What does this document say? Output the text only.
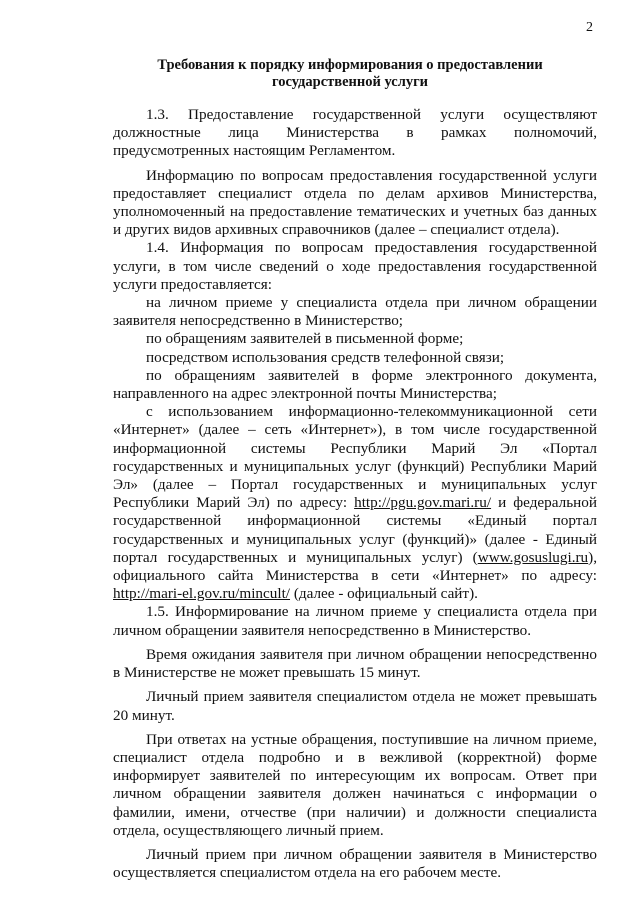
2
Требования к порядку информирования о предоставлении
государственной услуги

1.3. Предоставление государственной услуги осуществляют должностные лица Министерства в рамках полномочий, предусмотренных настоящим Регламентом.

Информацию по вопросам предоставления государственной услуги предоставляет специалист отдела по делам архивов Министерства, уполномоченный на предоставление тематических и учетных баз данных и других видов архивных справочников (далее – специалист отдела).

1.4. Информация по вопросам предоставления государственной услуги, в том числе сведений о ходе предоставления государственной услуги предоставляется:

на личном приеме у специалиста отдела при личном обращении заявителя непосредственно в Министерство;

по обращениям заявителей в письменной форме;

посредством использования средств телефонной связи;

по обращениям заявителей в форме электронного документа, направленного на адрес электронной почты Министерства;

с использованием информационно-телекоммуникационной сети «Интернет» (далее – сеть «Интернет»), в том числе государственной информационной системы Республики Марий Эл «Портал государственных и муниципальных услуг (функций) Республики Марий Эл» (далее – Портал государственных и муниципальных услуг Республики Марий Эл) по адресу: http://pgu.gov.mari.ru/ и федеральной государственной информационной системы «Единый портал государственных и муниципальных услуг (функций)» (далее - Единый портал государственных и муниципальных услуг) (www.gosuslugi.ru), официального сайта Министерства в сети «Интернет» по адресу: http://mari-el.gov.ru/mincult/ (далее - официальный сайт).

1.5. Информирование на личном приеме у специалиста отдела при личном обращении заявителя непосредственно в Министерство.

Время ожидания заявителя при личном обращении непосредственно в Министерстве не может превышать 15 минут.

Личный прием заявителя специалистом отдела не может превышать 20 минут.

При ответах на устные обращения, поступившие на личном приеме, специалист отдела подробно и в вежливой (корректной) форме информирует заявителей по интересующим их вопросам. Ответ при личном обращении заявителя должен начинаться с информации о фамилии, имени, отчестве (при наличии) и должности специалиста отдела, осуществляющего личный прием.

Личный прием при личном обращении заявителя в Министерство осуществляется специалистом отдела на его рабочем месте.
